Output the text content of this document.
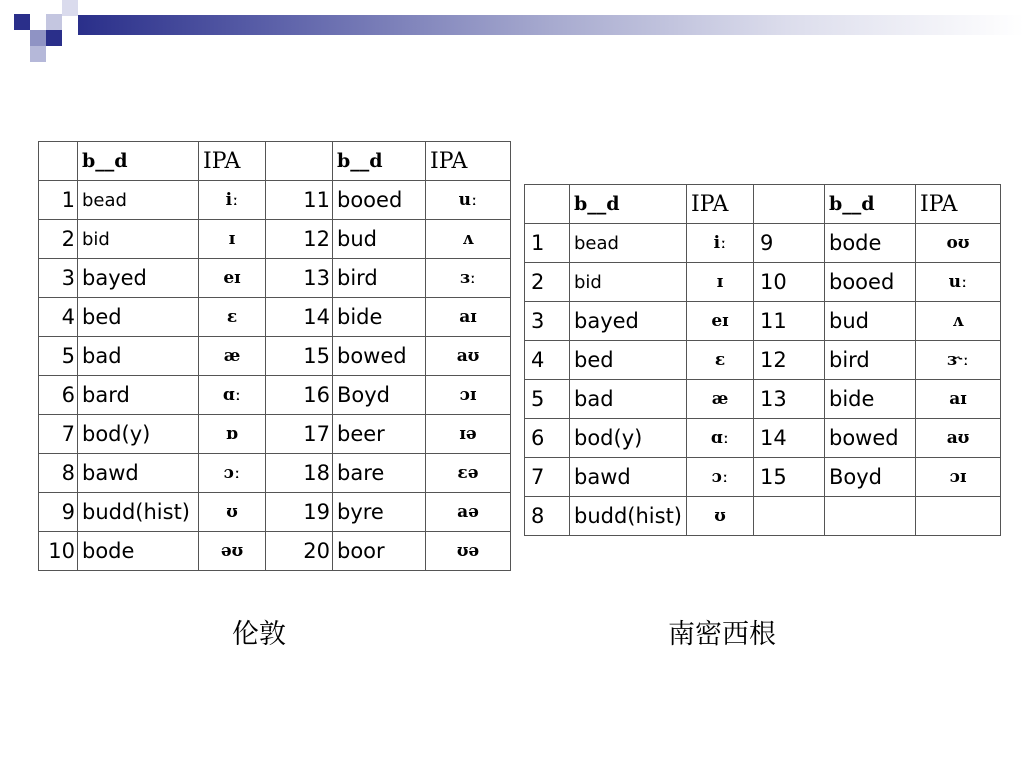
	b__d	IPA		b__d	IPA
1	bead	iː	11	booed	uː
2	bid	ɪ	12	bud	ʌ
3	bayed	eɪ	13	bird	ɜː
4	bed	ɛ	14	bide	aɪ
5	bad	æ	15	bowed	aʊ
6	bard	ɑː	16	Boyd	ɔɪ
7	bod(y)	ɒ	17	beer	ɪə
8	bawd	ɔː	18	bare	ɛə
9	budd(hist)	ʊ	19	byre	aə
10	bode	əʊ	20	boor	ʊə
	b__d	IPA		b__d	IPA
1	bead	iː	9	bode	oʊ
2	bid	ɪ	10	booed	uː
3	bayed	eɪ	11	bud	ʌ
4	bed	ɛ	12	bird	ɝː
5	bad	æ	13	bide	aɪ
6	bod(y)	ɑː	14	bowed	aʊ
7	bawd	ɔː	15	Boyd	ɔɪ
8	budd(hist)	ʊ			
伦敦	南密西根
